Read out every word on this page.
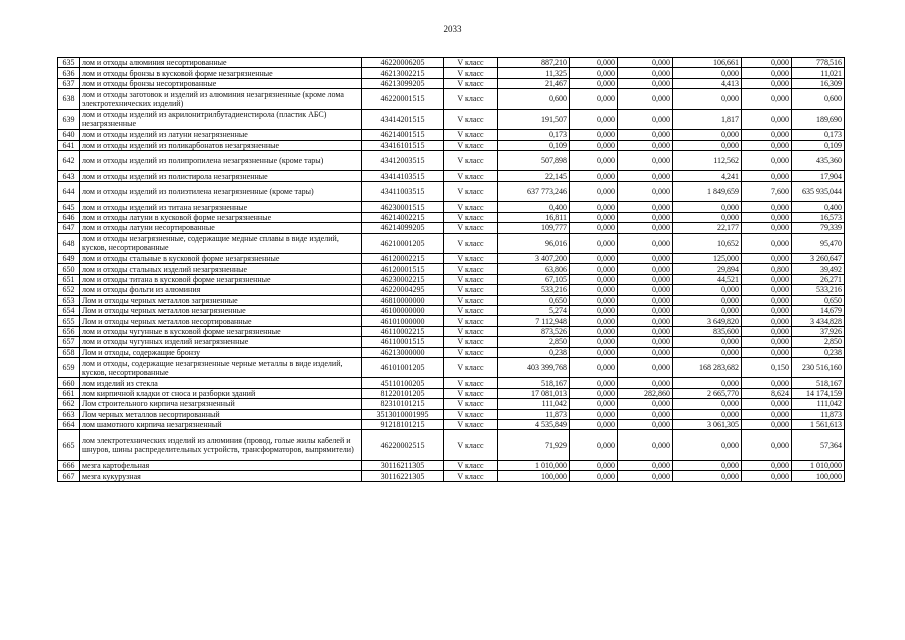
2033
635	лом и отходы алюминия несортированные	46220006205	V класс	887,210	0,000	0,000	106,661	0,000	778,516
636	лом и отходы бронзы в кусковой форме незагрязненные	46213002215	V класс	11,325	0,000	0,000	0,000	0,000	11,021
637	лом и отходы бронзы несортированные	46213099205	V класс	21,467	0,000	0,000	4,413	0,000	16,309
638	лом и отходы заготовок и изделий из алюминия незагрязненные (кроме лома электротехнических изделий)	46220001515	V класс	0,600	0,000	0,000	0,000	0,000	0,600
639	лом и отходы изделий из акрилонитрилбутадиенстирола (пластик АБС) незагрязненные	43414201515	V класс	191,507	0,000	0,000	1,817	0,000	189,690
640	лом и отходы изделий из латуни незагрязненные	46214001515	V класс	0,173	0,000	0,000	0,000	0,000	0,173
641	лом и отходы изделий из поликарбонатов незагрязненные	43416101515	V класс	0,109	0,000	0,000	0,000	0,000	0,109
642	лом и отходы изделий из полипропилена незагрязненные (кроме тары)	43412003515	V класс	507,898	0,000	0,000	112,562	0,000	435,360
643	лом и отходы изделий из полистирола незагрязненные	43414103515	V класс	22,145	0,000	0,000	4,241	0,000	17,904
644	лом и отходы изделий из полиэтилена незагрязненные (кроме тары)	43411003515	V класс	637 773,246	0,000	0,000	1 849,659	7,600	635 935,044
645	лом и отходы изделий из титана незагрязненные	46230001515	V класс	0,400	0,000	0,000	0,000	0,000	0,400
646	лом и отходы латуни в кусковой форме незагрязненные	46214002215	V класс	16,811	0,000	0,000	0,000	0,000	16,573
647	лом и отходы латуни несортированные	46214099205	V класс	109,777	0,000	0,000	22,177	0,000	79,339
648	лом и отходы незагрязненные, содержащие медные сплавы в виде изделий, кусков, несортированные	46210001205	V класс	96,016	0,000	0,000	10,652	0,000	95,470
649	лом и отходы стальные в кусковой форме незагрязненные	46120002215	V класс	3 407,200	0,000	0,000	125,000	0,000	3 260,647
650	лом и отходы стальных изделий незагрязненные	46120001515	V класс	63,806	0,000	0,000	29,894	0,800	39,492
651	лом и отходы титана в кусковой форме незагрязненные	46230002215	V класс	67,105	0,000	0,000	44,521	0,000	26,271
652	лом и отходы фольги из алюминия	46220004295	V класс	533,216	0,000	0,000	0,000	0,000	533,216
653	Лом и отходы черных металлов загрязненные	46810000000	V класс	0,650	0,000	0,000	0,000	0,000	0,650
654	Лом и отходы черных металлов незагрязненные	46100000000	V класс	5,274	0,000	0,000	0,000	0,000	14,679
655	Лом и отходы черных металлов несортированные	46101000000	V класс	7 112,948	0,000	0,000	3 649,820	0,000	3 434,828
656	лом и отходы чугунные в кусковой форме незагрязненные	46110002215	V класс	873,526	0,000	0,000	835,600	0,000	37,926
657	лом и отходы чугунных изделий незагрязненные	46110001515	V класс	2,850	0,000	0,000	0,000	0,000	2,850
658	Лом и отходы, содержащие бронзу	46213000000	V класс	0,238	0,000	0,000	0,000	0,000	0,238
659	лом и отходы, содержащие незагрязненные черные металлы в виде изделий, кусков, несортированные	46101001205	V класс	403 399,768	0,000	0,000	168 283,682	0,150	230 516,160
660	лом изделий из стекла	45110100205	V класс	518,167	0,000	0,000	0,000	0,000	518,167
661	лом кирпичной кладки от сноса и разборки зданий	81220101205	V класс	17 081,013	0,000	282,860	2 665,770	8,624	14 174,159
662	Лом строительного кирпича незагрязненный	82310101215	V класс	111,042	0,000	0,000	0,000	0,000	111,042
663	Лом черных металлов несортированный	3513010001995	V класс	11,873	0,000	0,000	0,000	0,000	11,873
664	лом шамотного кирпича незагрязненный	91218101215	V класс	4 535,849	0,000	0,000	3 061,305	0,000	1 561,613
665	лом электротехнических изделий из алюминия (провод, голые жилы кабелей и шнуров, шины распределительных устройств, трансформаторов, выпрямители)	46220002515	V класс	71,929	0,000	0,000	0,000	0,000	57,364
666	мезга картофельная	30116211305	V класс	1 010,000	0,000	0,000	0,000	0,000	1 010,000
667	мезга кукурузная	30116221305	V класс	100,000	0,000	0,000	0,000	0,000	100,000
